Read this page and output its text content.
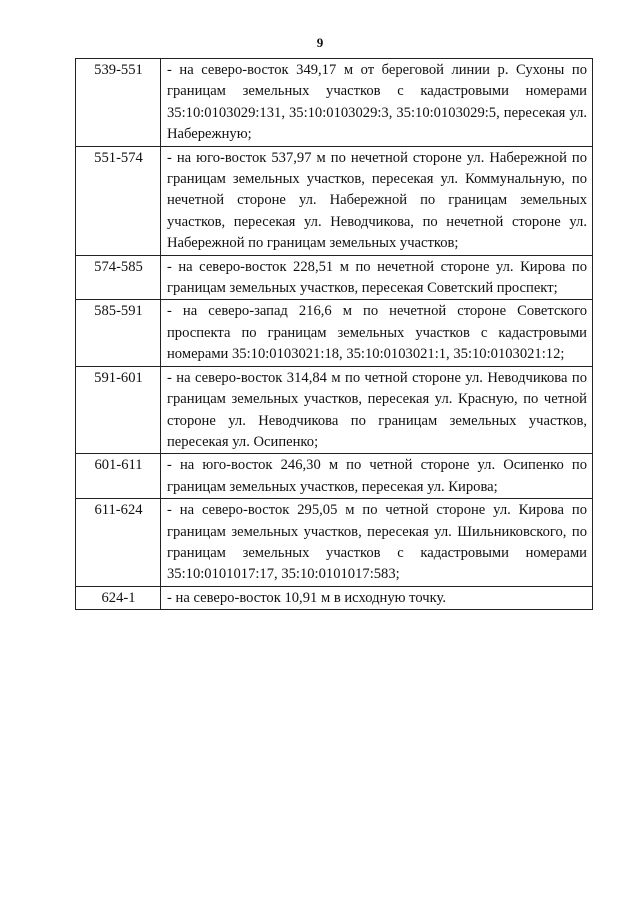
9
539-551	- на северо-восток 349,17 м от береговой линии р. Сухоны по границам земельных участков с кадастровыми номерами 35:10:0103029:131, 35:10:0103029:3, 35:10:0103029:5, пересекая ул. Набережную;
551-574	- на юго-восток 537,97 м по нечетной стороне ул. Набережной по границам земельных участков, пересекая ул. Коммунальную, по нечетной стороне ул. Набережной по границам земельных участков, пересекая ул. Неводчикова, по нечетной стороне ул. Набережной по границам земельных участков;
574-585	- на северо-восток 228,51 м по нечетной стороне ул. Кирова по границам земельных участков, пересекая Советский проспект;
585-591	- на северо-запад 216,6 м по нечетной стороне Советского проспекта по границам земельных участков с кадастровыми номерами 35:10:0103021:18, 35:10:0103021:1, 35:10:0103021:12;
591-601	- на северо-восток 314,84 м по четной стороне ул. Неводчикова по границам земельных участков, пересекая ул. Красную, по четной стороне ул. Неводчикова по границам земельных участков, пересекая ул. Осипенко;
601-611	- на юго-восток 246,30 м по четной стороне ул. Осипенко по границам земельных участков, пересекая ул. Кирова;
611-624	- на северо-восток 295,05 м по четной стороне ул. Кирова по границам земельных участков, пересекая ул. Шильниковского, по границам земельных участков с кадастровыми номерами 35:10:0101017:17, 35:10:0101017:583;
624-1	- на северо-восток 10,91 м в исходную точку.
